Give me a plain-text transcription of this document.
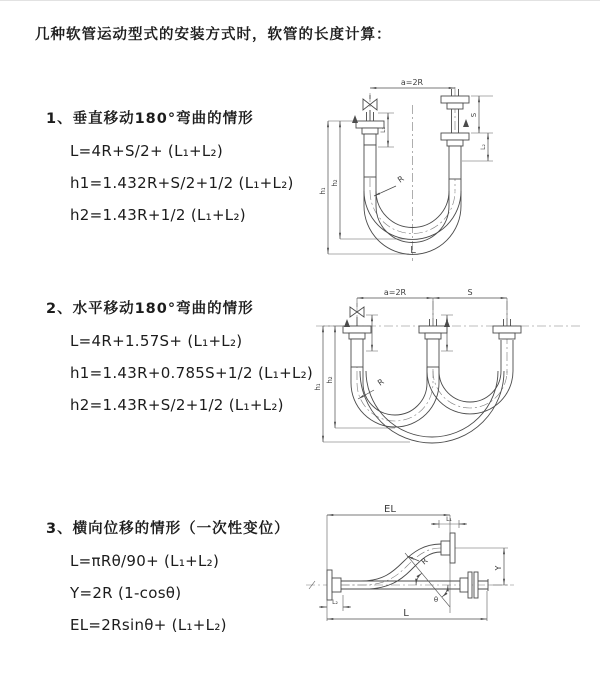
几种软管运动型式的安装方式时，软管的长度计算：
1、垂直移动180°弯曲的情形
L=4R+S/2+ (L₁+L₂)
h1=1.432R+S/2+1/2 (L₁+L₂)
h2=1.43R+1/2 (L₁+L₂)
a=2R
h₁
h₂
L₁
S
L₂
R
L
2、水平移动180°弯曲的情形
L=4R+1.57S+ (L₁+L₂)
h1=1.43R+0.785S+1/2 (L₁+L₂)
h2=1.43R+S/2+1/2 (L₁+L₂)
a=2R	S
h₁
h₂	R
3、横向位移的情形（一次性变位）
L=πRθ/90+ (L₁+L₂)
Y=2R (1-cosθ)
EL=2Rsinθ+ (L₁+L₂)
EL
L₁
Y
R
θ
L
L₂
